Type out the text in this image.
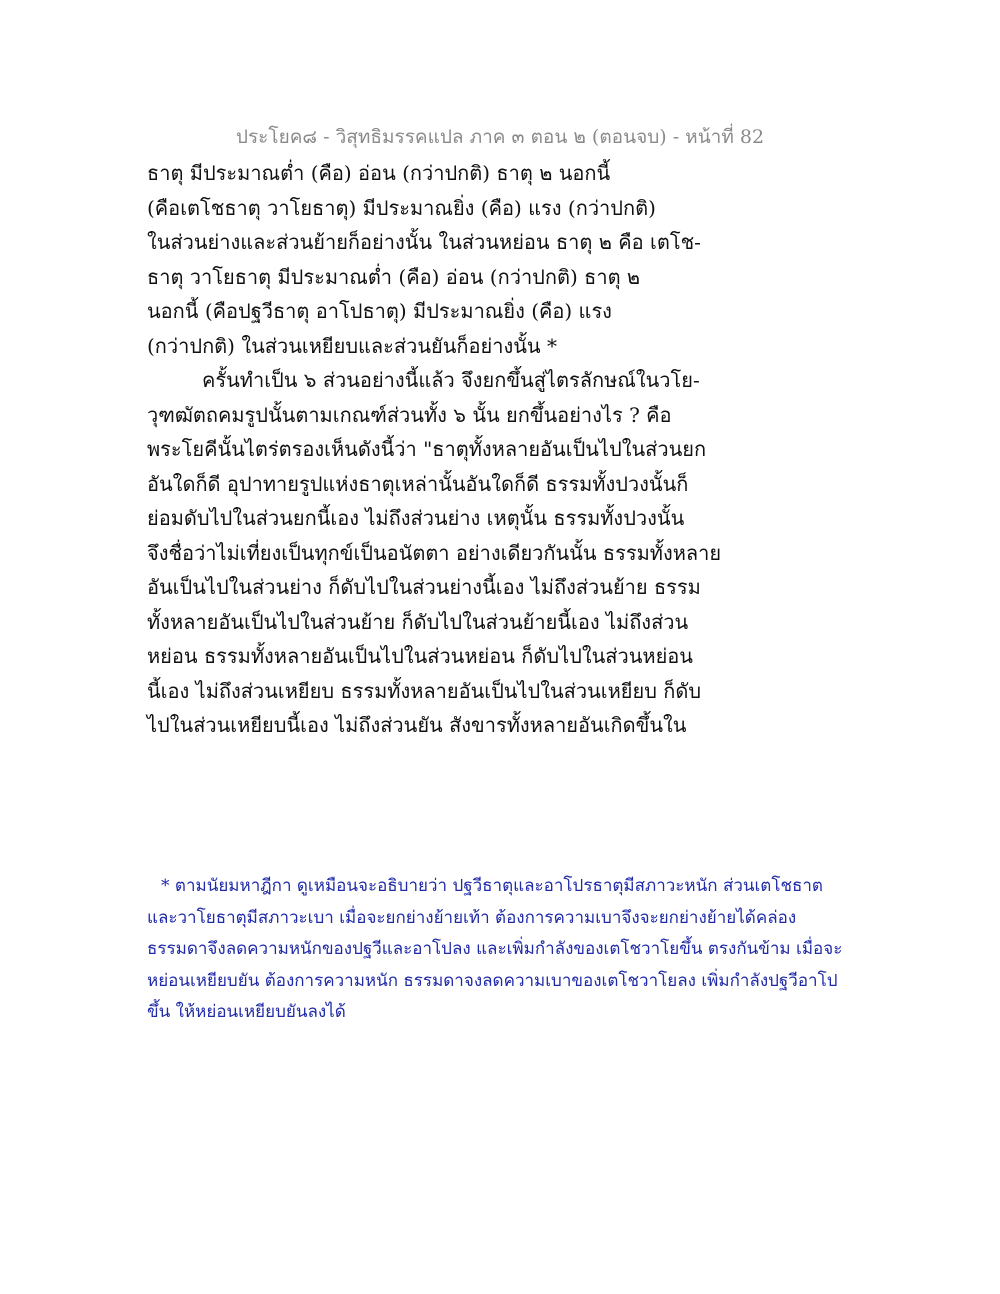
ประโยค๘ - วิสุทธิมรรคแปล ภาค ๓ ตอน ๒ (ตอนจบ) - หน้าที่ 82
ธาตุ มีประมาณต่ำ (คือ) อ่อน (กว่าปกติ) ธาตุ ๒ นอกนี้
(คือเตโชธาตุ วาโยธาตุ) มีประมาณยิ่ง (คือ) แรง (กว่าปกติ)
ในส่วนย่างและส่วนย้ายก็อย่างนั้น ในส่วนหย่อน ธาตุ ๒ คือ เตโช-
ธาตุ วาโยธาตุ มีประมาณต่ำ (คือ) อ่อน (กว่าปกติ) ธาตุ ๒
นอกนี้ (คือปฐวีธาตุ อาโปธาตุ) มีประมาณยิ่ง (คือ) แรง
(กว่าปกติ) ในส่วนเหยียบและส่วนยันก็อย่างนั้น *
ครั้นทำเป็น ๖ ส่วนอย่างนี้แล้ว จึงยกขึ้นสู่ไตรลักษณ์ในวโย-
วุฑฒัตถคมรูปนั้นตามเกณฑ์ส่วนทั้ง ๖ นั้น ยกขึ้นอย่างไร ? คือ
พระโยคีนั้นไตร่ตรองเห็นดังนี้ว่า "ธาตุทั้งหลายอันเป็นไปในส่วนยก
อันใดก็ดี อุปาทายรูปแห่งธาตุเหล่านั้นอันใดก็ดี ธรรมทั้งปวงนั้นก็
ย่อมดับไปในส่วนยกนี้เอง ไม่ถึงส่วนย่าง เหตุนั้น ธรรมทั้งปวงนั้น
จึงชื่อว่าไม่เที่ยงเป็นทุกข์เป็นอนัตตา อย่างเดียวกันนั้น ธรรมทั้งหลาย
อันเป็นไปในส่วนย่าง ก็ดับไปในส่วนย่างนี้เอง ไม่ถึงส่วนย้าย ธรรม
ทั้งหลายอันเป็นไปในส่วนย้าย ก็ดับไปในส่วนย้ายนี้เอง ไม่ถึงส่วน
หย่อน ธรรมทั้งหลายอันเป็นไปในส่วนหย่อน ก็ดับไปในส่วนหย่อน
นี้เอง ไม่ถึงส่วนเหยียบ ธรรมทั้งหลายอันเป็นไปในส่วนเหยียบ ก็ดับ
ไปในส่วนเหยียบนี้เอง ไม่ถึงส่วนยัน สังขารทั้งหลายอันเกิดขึ้นใน
* ตามนัยมหาฎีกา ดูเหมือนจะอธิบายว่า ปฐวีธาตุและอาโปรธาตุมีสภาวะหนัก ส่วนเตโชธาต
และวาโยธาตุมีสภาวะเบา เมื่อจะยกย่างย้ายเท้า ต้องการความเบาจึงจะยกย่างย้ายได้คล่อง
ธรรมดาจึงลดความหนักของปฐวีและอาโปลง และเพิ่มกำลังของเตโชวาโยขึ้น ตรงกันข้าม เมื่อจะ
หย่อนเหยียบยัน ต้องการความหนัก ธรรมดาจงลดความเบาของเตโชวาโยลง เพิ่มกำลังปฐวีอาโป
ขึ้น ให้หย่อนเหยียบยันลงได้
